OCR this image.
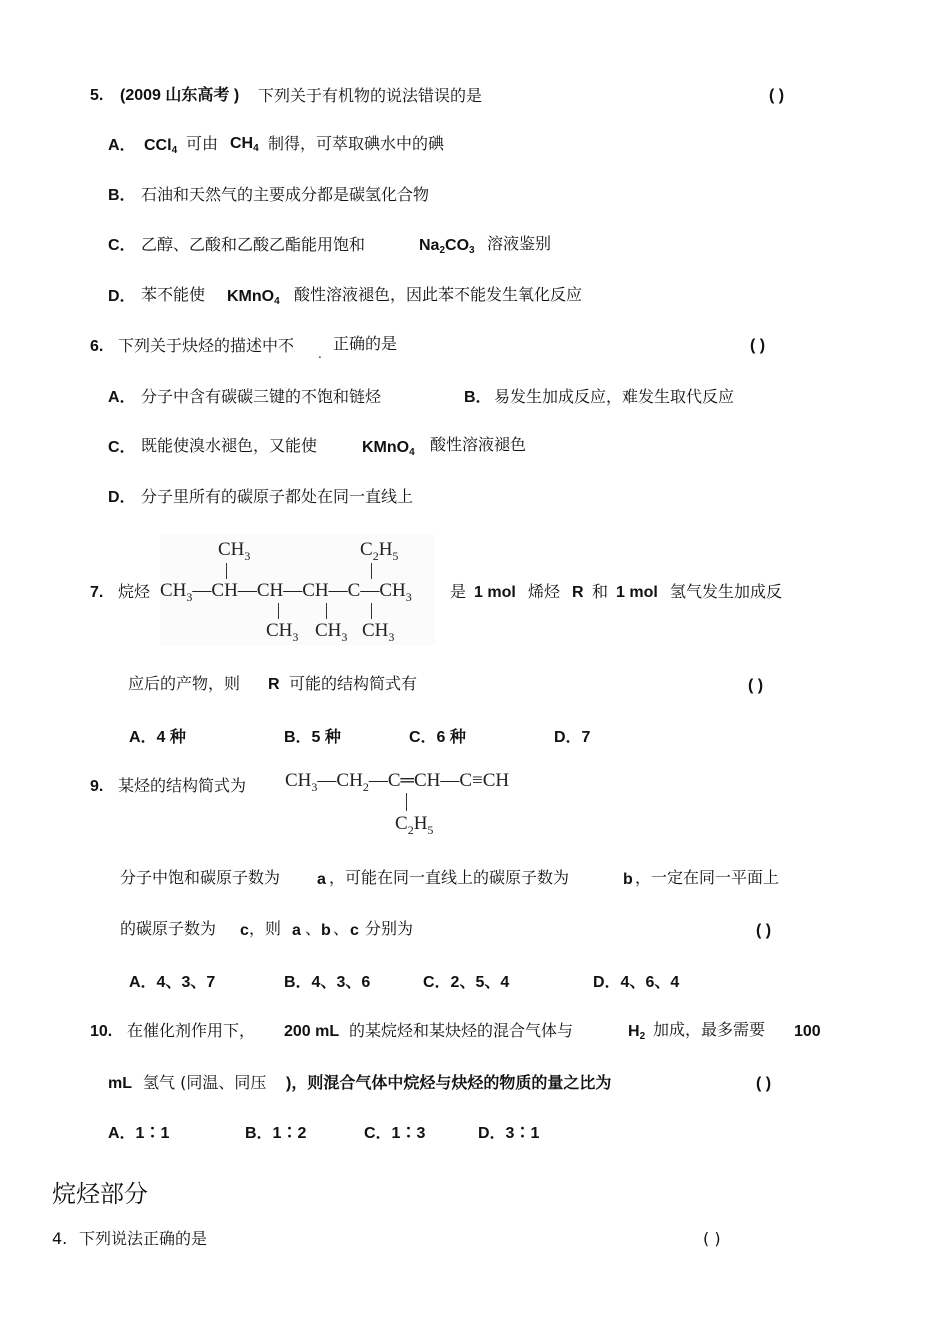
5. (2009 山东高考 ) 下列关于有机物的说法错误的是	( )
A． CCl$_4$ 可由 $CH_4$ 制得，可萃取碘水中的碘
B． 石油和天然气的主要成分都是碳氢化合物
C． 乙醇、乙酸和乙酸乙酯能用饱和	$Na_2CO_3$ 溶液鉴别
D． 苯不能使 KMnO$_4$ 酸性溶液褪色，因此苯不能发生氧化反应
6. 下列关于炔烃的描述中不 .
正确的是	( )
A． 分子中含有碳碳三键的不饱和链烃	B． 易发生加成反应，难发生取代反应
C． 既能使溴水褪色，又能使	KMnO$_4$ 酸性溶液褪色
D． 分子里所有的碳原子都处在同一直线上
7. 烷烃
$CH_3$	$C_2H_5$
$CH_3—CH—CH—CH—C—CH_3$
$CH_3$ $CH_3$ $CH_3$
是 1 mol 烯烃 R 和 1 mol 氢气发生加成反
应后的产物，则 R 可能的结构简式有	( )
A．4 种	B．5 种	C．6 种	D．7
9. 某烃的结构简式为 $CH_3—CH_2—C═CH—C\equiv CH$
$C_2H_5$
分子中饱和碳原子数为 a ，可能在同一直线上的碳原子数为	b ，一定在同一平面上
的碳原子数为 c ，则 a 、 b 、 c 分别为	( )
A．4、3、7	B．4、3、6	C．2、5、4	D．4、6、4
10. 在催化剂作用下， 200 mL 的某烷烃和某炔烃的混合气体与	$H_2$ 加成，最多需要 100
mL 氢气 (同温、同压 )，则混合气体中烷烃与炔烃的物质的量之比为	( )
A．1∶1	B．1∶2	C．1∶3	D．3∶1
烷烃部分
4. 下列说法正确的是	( )
